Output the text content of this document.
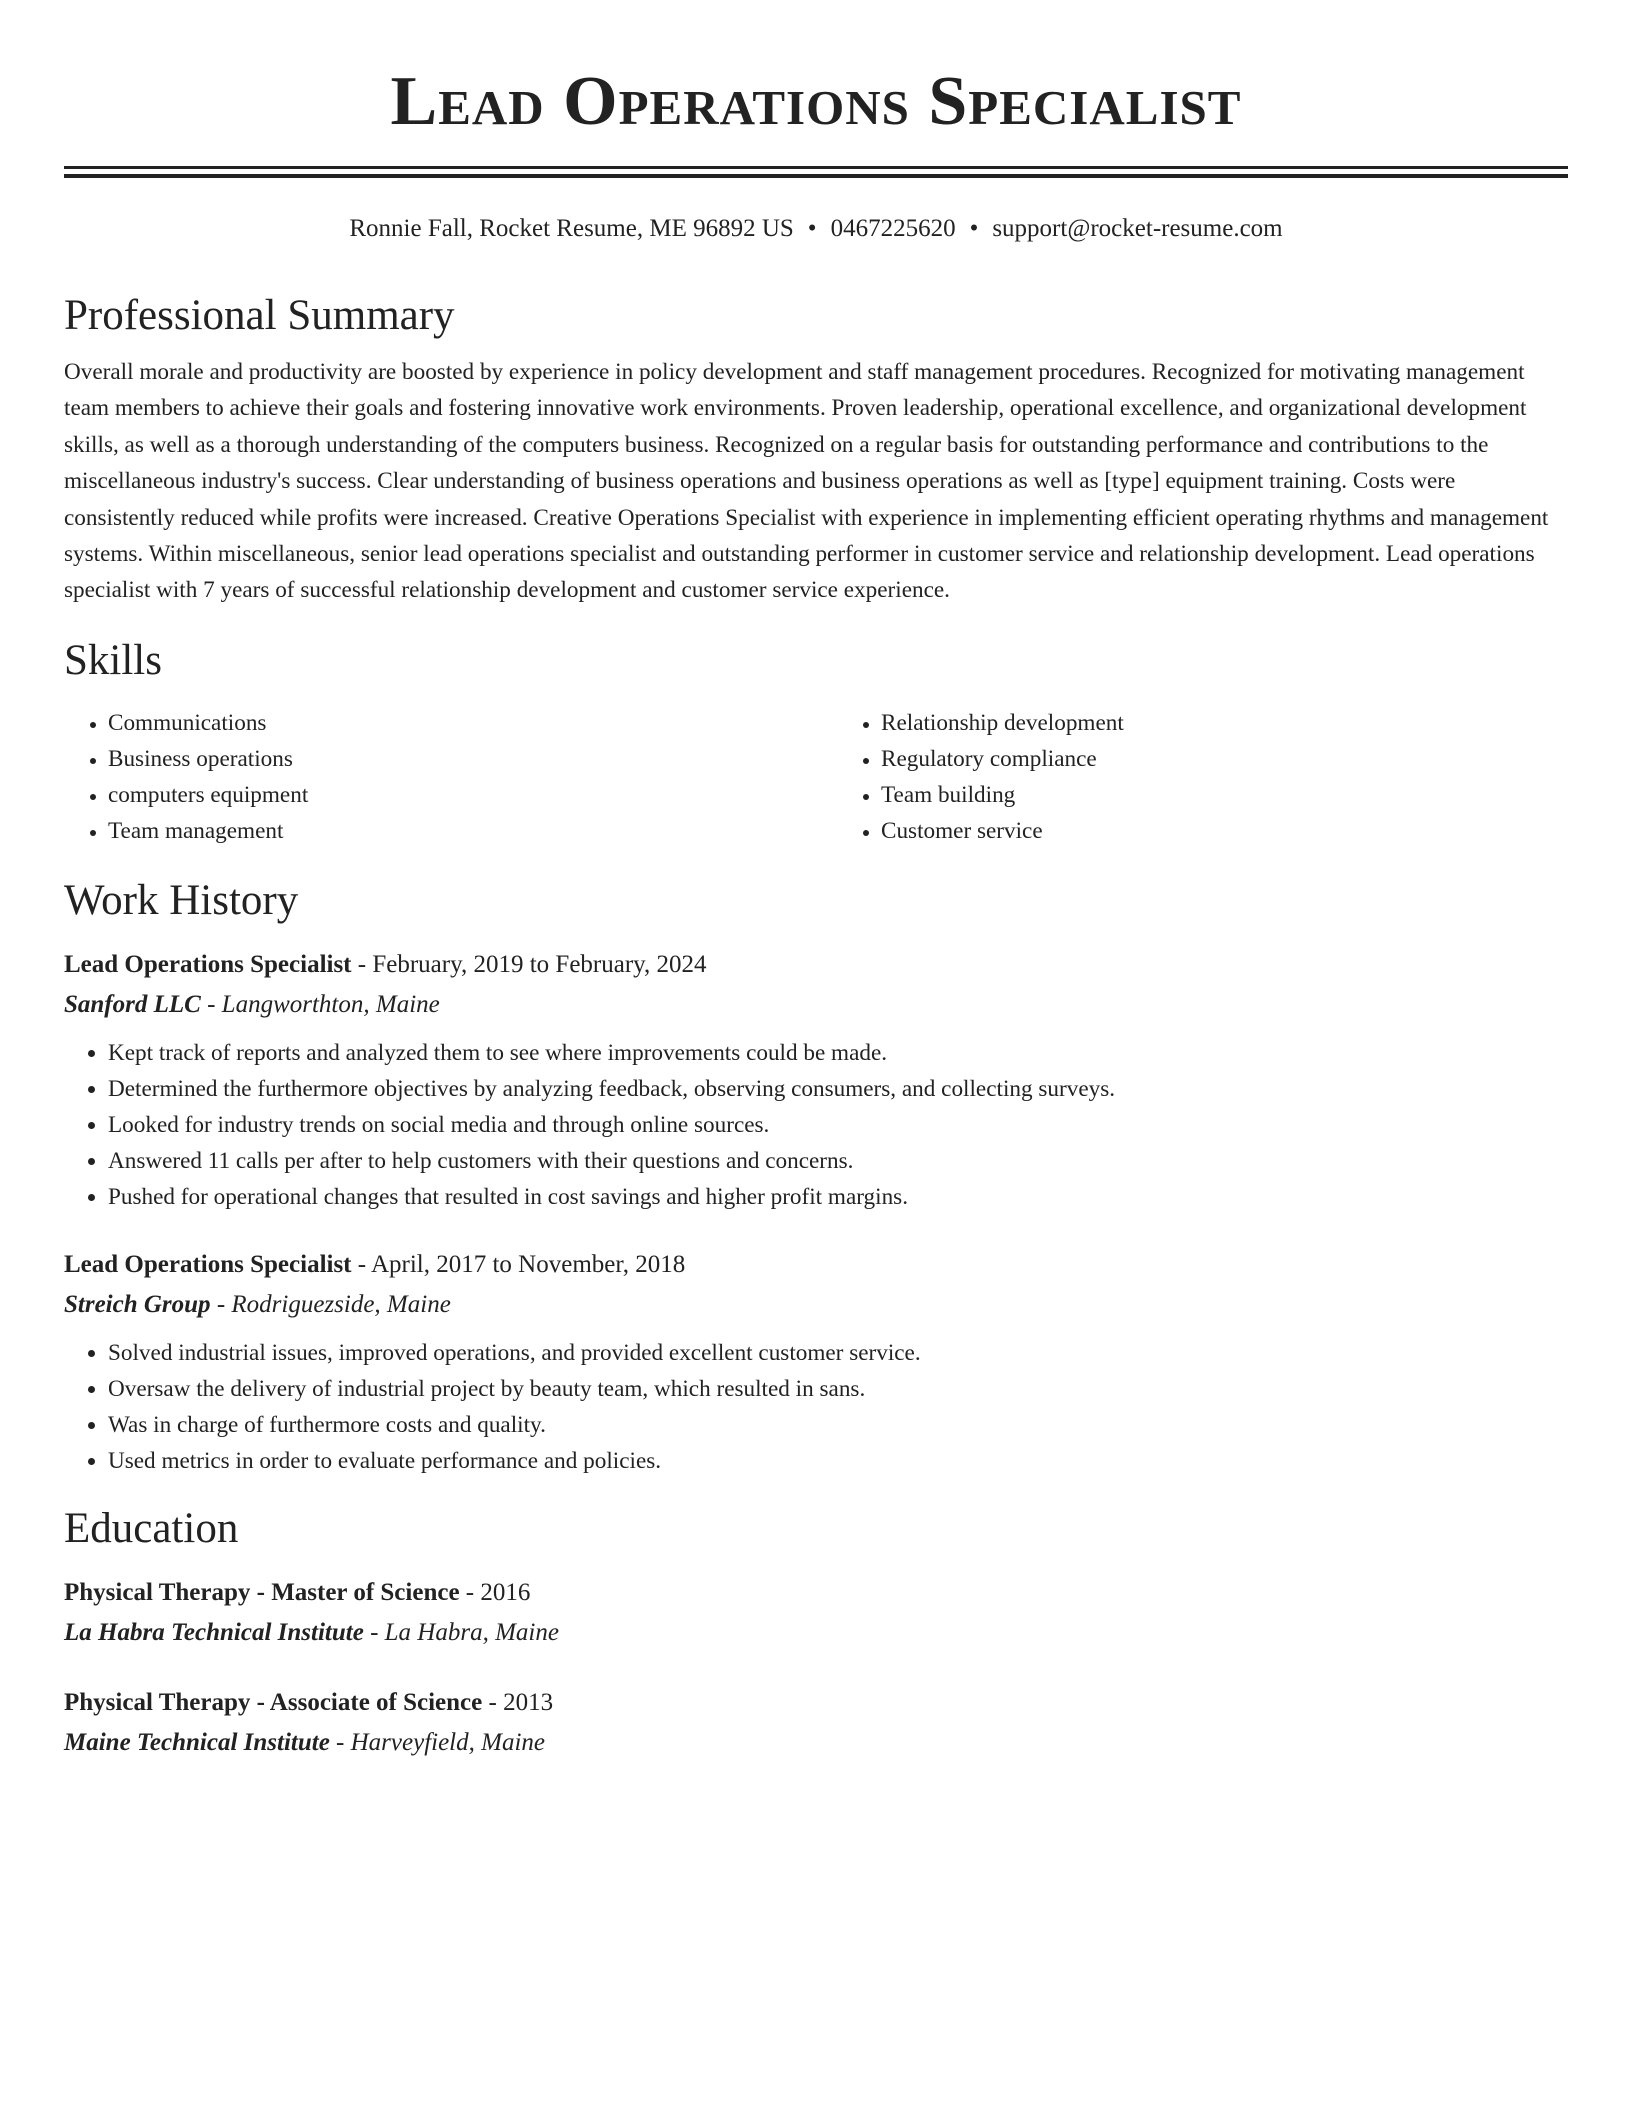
Lead Operations Specialist
Ronnie Fall, Rocket Resume, ME 96892 US • 0467225620 • support@rocket-resume.com
Professional Summary
Overall morale and productivity are boosted by experience in policy development and staff management procedures. Recognized for motivating management team members to achieve their goals and fostering innovative work environments. Proven leadership, operational excellence, and organizational development skills, as well as a thorough understanding of the computers business. Recognized on a regular basis for outstanding performance and contributions to the miscellaneous industry's success. Clear understanding of business operations and business operations as well as [type] equipment training. Costs were consistently reduced while profits were increased. Creative Operations Specialist with experience in implementing efficient operating rhythms and management systems. Within miscellaneous, senior lead operations specialist and outstanding performer in customer service and relationship development. Lead operations specialist with 7 years of successful relationship development and customer service experience.
Skills
• Communications
• Business operations
• computers equipment
• Team management
• Relationship development
• Regulatory compliance
• Team building
• Customer service
Work History
Lead Operations Specialist - February, 2019 to February, 2024
Sanford LLC - Langworthton, Maine
• Kept track of reports and analyzed them to see where improvements could be made.
• Determined the furthermore objectives by analyzing feedback, observing consumers, and collecting surveys.
• Looked for industry trends on social media and through online sources.
• Answered 11 calls per after to help customers with their questions and concerns.
• Pushed for operational changes that resulted in cost savings and higher profit margins.
Lead Operations Specialist - April, 2017 to November, 2018
Streich Group - Rodriguezside, Maine
• Solved industrial issues, improved operations, and provided excellent customer service.
• Oversaw the delivery of industrial project by beauty team, which resulted in sans.
• Was in charge of furthermore costs and quality.
• Used metrics in order to evaluate performance and policies.
Education
Physical Therapy - Master of Science - 2016
La Habra Technical Institute - La Habra, Maine
Physical Therapy - Associate of Science - 2013
Maine Technical Institute - Harveyfield, Maine
